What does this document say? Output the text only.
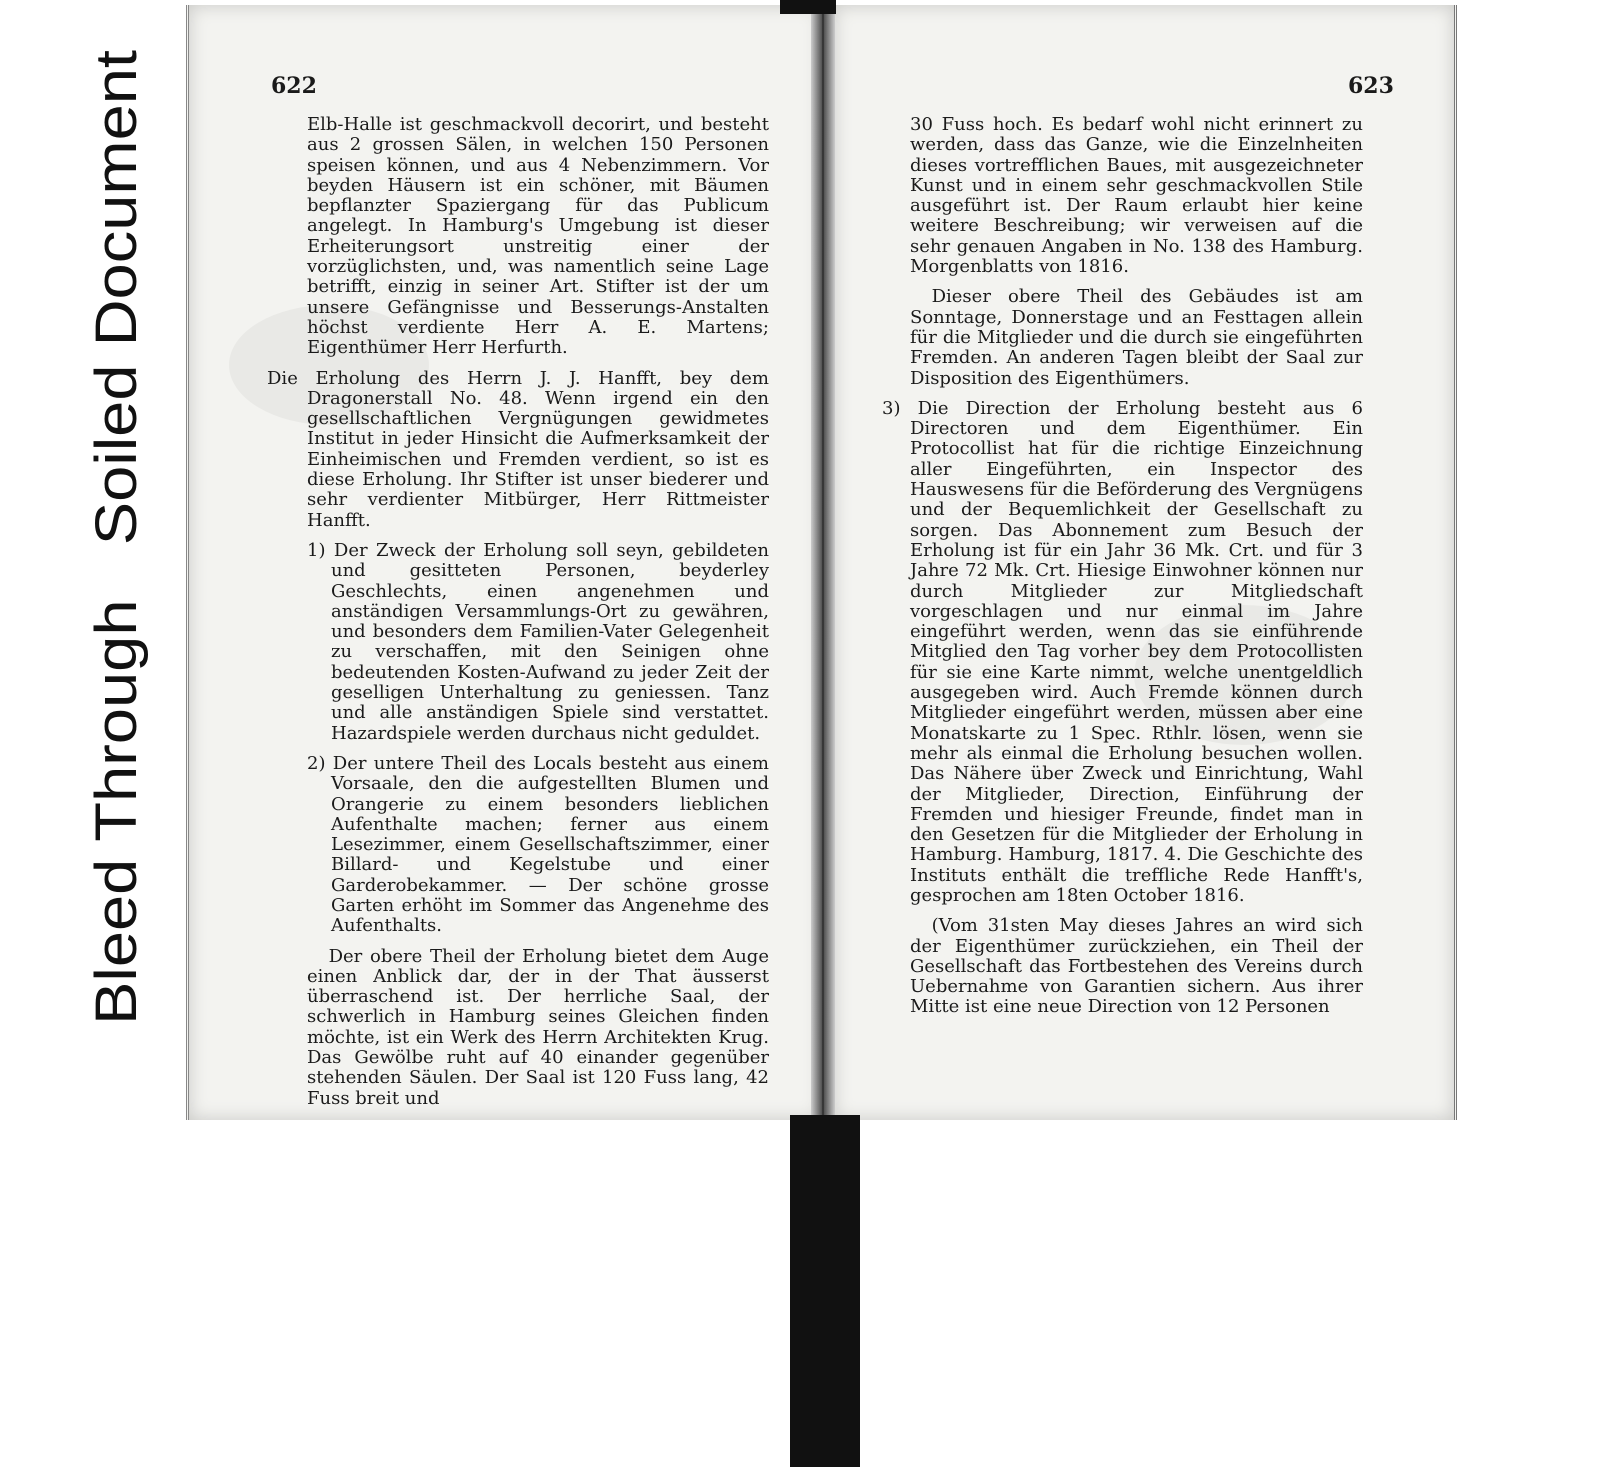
Bleed Through   Soiled Document
622

Elb-Halle ist geschmackvoll decorirt, und besteht aus 2 grossen Sälen, in welchen 150 Personen speisen können, und aus 4 Nebenzimmern. Vor beyden Häusern ist ein schöner, mit Bäumen bepflanzter Spaziergang für das Publicum angelegt. In Hamburg's Umgebung ist dieser Erheiterungsort unstreitig einer der vorzüglichsten, und, was namentlich seine Lage betrifft, einzig in seiner Art. Stifter ist der um unsere Gefängnisse und Besserungs-Anstalten höchst verdiente Herr A. E. Martens; Eigenthümer Herr Herfurth.

Die Erholung des Herrn J. J. Hanfft, bey dem Dragonerstall No. 48. Wenn irgend ein den gesellschaftlichen Vergnügungen gewidmetes Institut in jeder Hinsicht die Aufmerksamkeit der Einheimischen und Fremden verdient, so ist es diese Erholung. Ihr Stifter ist unser biederer und sehr verdienter Mitbürger, Herr Rittmeister Hanfft.

1) Der Zweck der Erholung soll seyn, gebildeten und gesitteten Personen, beyderley Geschlechts, einen angenehmen und anständigen Versammlungs-Ort zu gewähren, und besonders dem Familien-Vater Gelegenheit zu verschaffen, mit den Seinigen ohne bedeutenden Kosten-Aufwand zu jeder Zeit der geselligen Unterhaltung zu geniessen. Tanz und alle anständigen Spiele sind verstattet. Hazardspiele werden durchaus nicht geduldet.

2) Der untere Theil des Locals besteht aus einem Vorsaale, den die aufgestellten Blumen und Orangerie zu einem besonders lieblichen Aufenthalte machen; ferner aus einem Lesezimmer, einem Gesellschaftszimmer, einer Billard- und Kegelstube und einer Garderobekammer. — Der schöne grosse Garten erhöht im Sommer das Angenehme des Aufenthalts.

Der obere Theil der Erholung bietet dem Auge einen Anblick dar, der in der That äusserst überraschend ist. Der herrliche Saal, der schwerlich in Hamburg seines Gleichen finden möchte, ist ein Werk des Herrn Architekten Krug. Das Gewölbe ruht auf 40 einander gegenüber stehenden Säulen. Der Saal ist 120 Fuss lang, 42 Fuss breit und

623

30 Fuss hoch. Es bedarf wohl nicht erinnert zu werden, dass das Ganze, wie die Einzelnheiten dieses vortrefflichen Baues, mit ausgezeichneter Kunst und in einem sehr geschmackvollen Stile ausgeführt ist. Der Raum erlaubt hier keine weitere Beschreibung; wir verweisen auf die sehr genauen Angaben in No. 138 des Hamburg. Morgenblatts von 1816.

Dieser obere Theil des Gebäudes ist am Sonntage, Donnerstage und an Festtagen allein für die Mitglieder und die durch sie eingeführten Fremden. An anderen Tagen bleibt der Saal zur Disposition des Eigenthümers.

3) Die Direction der Erholung besteht aus 6 Directoren und dem Eigenthümer. Ein Protocollist hat für die richtige Einzeichnung aller Eingeführten, ein Inspector des Hauswesens für die Beförderung des Vergnügens und der Bequemlichkeit der Gesellschaft zu sorgen. Das Abonnement zum Besuch der Erholung ist für ein Jahr 36 Mk. Crt. und für 3 Jahre 72 Mk. Crt. Hiesige Einwohner können nur durch Mitglieder zur Mitgliedschaft vorgeschlagen und nur einmal im Jahre eingeführt werden, wenn das sie einführende Mitglied den Tag vorher bey dem Protocollisten für sie eine Karte nimmt, welche unentgeldlich ausgegeben wird. Auch Fremde können durch Mitglieder eingeführt werden, müssen aber eine Monatskarte zu 1 Spec. Rthlr. lösen, wenn sie mehr als einmal die Erholung besuchen wollen. Das Nähere über Zweck und Einrichtung, Wahl der Mitglieder, Direction, Einführung der Fremden und hiesiger Freunde, findet man in den Gesetzen für die Mitglieder der Erholung in Hamburg. Hamburg, 1817. 4. Die Geschichte des Instituts enthält die treffliche Rede Hanfft's, gesprochen am 18ten October 1816.

(Vom 31sten May dieses Jahres an wird sich der Eigenthümer zurückziehen, ein Theil der Gesellschaft das Fortbestehen des Vereins durch Uebernahme von Garantien sichern. Aus ihrer Mitte ist eine neue Direction von 12 Personen
